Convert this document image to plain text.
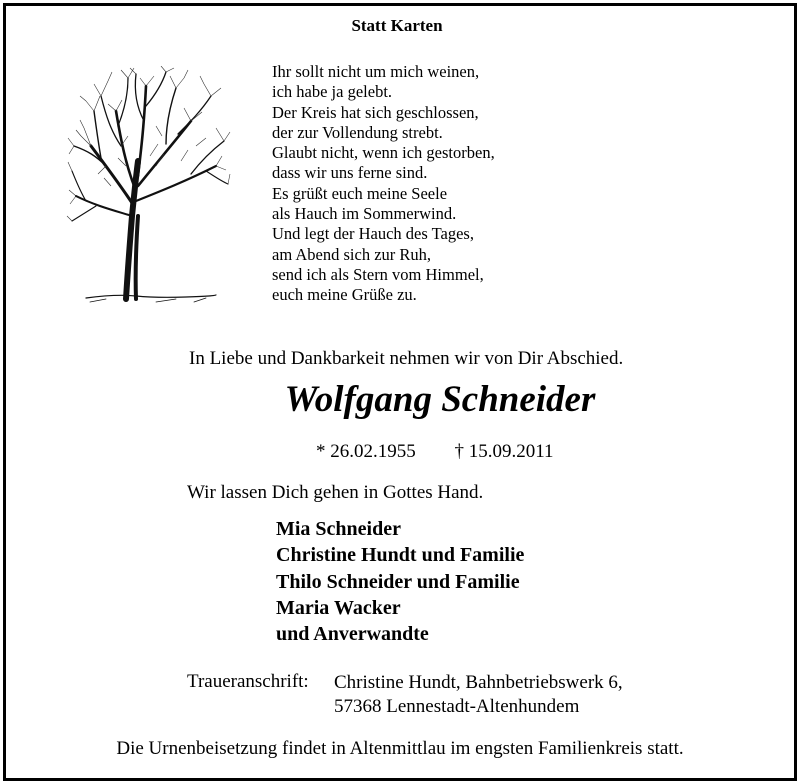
Statt Karten
Ihr sollt nicht um mich weinen,
ich habe ja gelebt.
Der Kreis hat sich geschlossen,
der zur Vollendung strebt.
Glaubt nicht, wenn ich gestorben,
dass wir uns ferne sind.
Es grüßt euch meine Seele
als Hauch im Sommerwind.
Und legt der Hauch des Tages,
am Abend sich zur Ruh,
send ich als Stern vom Himmel,
euch meine Grüße zu.
In Liebe und Dankbarkeit nehmen wir von Dir Abschied.
Wolfgang Schneider
* 26.02.1955 † 15.09.2011
Wir lassen Dich gehen in Gottes Hand.
Mia Schneider
Christine Hundt und Familie
Thilo Schneider und Familie
Maria Wacker
und Anverwandte
Traueranschrift: Christine Hundt, Bahnbetriebswerk 6,
57368 Lennestadt-Altenhundem
Die Urnenbeisetzung findet in Altenmittlau im engsten Familienkreis statt.
